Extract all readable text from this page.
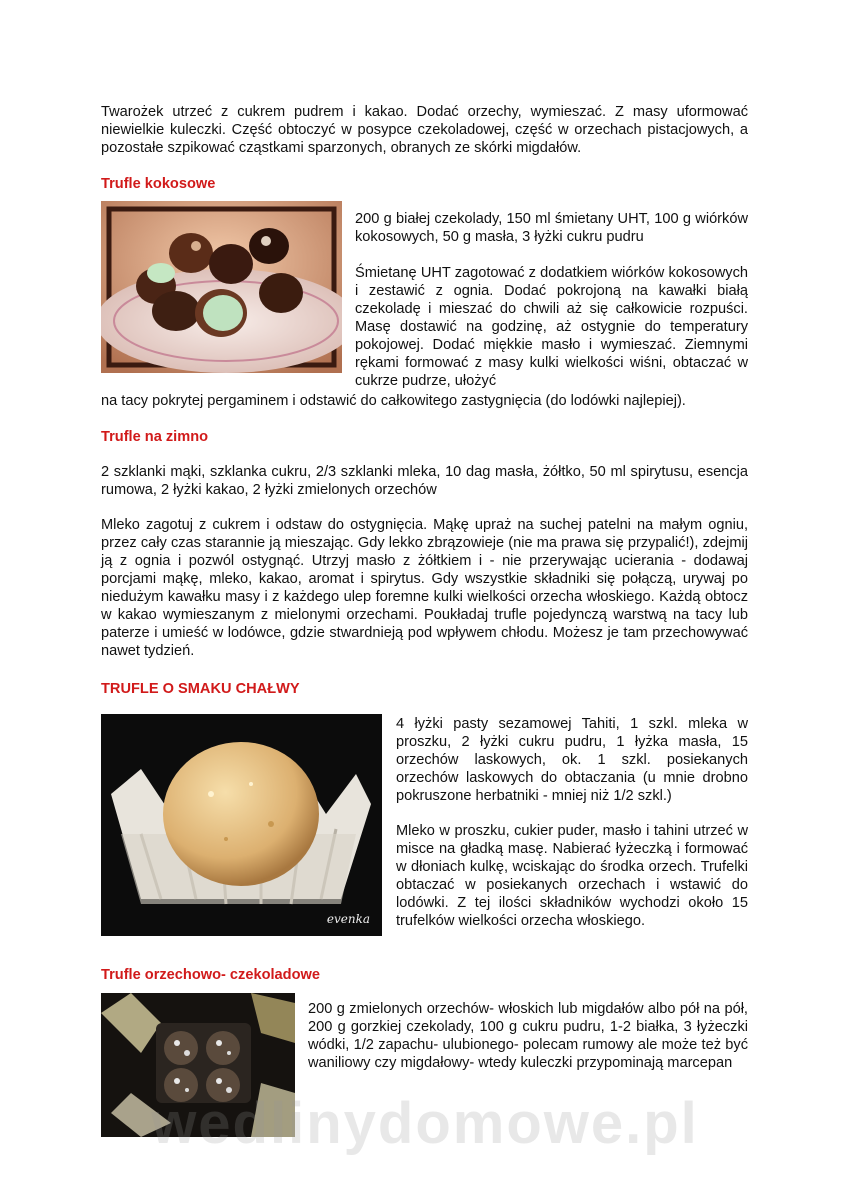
Twarożek utrzeć z cukrem pudrem i kakao. Dodać orzechy, wymieszać. Z masy uformować niewielkie kuleczki. Część obtoczyć w posypce czekoladowej, część w orzechach pistacjowych, a pozostałe szpikować cząstkami sparzonych, obranych ze skórki migdałów.

Trufle kokosowe

200 g białej czekolady, 150 ml śmietany UHT, 100 g wiórków kokosowych, 50 g masła, 3 łyżki cukru pudru

Śmietanę UHT zagotować z dodatkiem wiórków kokosowych i zestawić z ognia. Dodać pokrojoną na kawałki białą czekoladę i mieszać do chwili aż się całkowicie rozpuści. Masę dostawić na godzinę, aż ostygnie do temperatury pokojowej. Dodać miękkie masło i wymieszać. Ziemnymi rękami formować z masy kulki wielkości wiśni, obtaczać w cukrze pudrze, ułożyć

na tacy pokrytej pergaminem i odstawić do całkowitego zastygnięcia (do lodówki najlepiej).

Trufle na zimno

2 szklanki mąki, szklanka cukru, 2/3 szklanki mleka, 10 dag masła, żółtko, 50 ml spirytusu, esencja rumowa, 2 łyżki kakao, 2 łyżki zmielonych orzechów

Mleko zagotuj z cukrem i odstaw do ostygnięcia. Mąkę upraż na suchej patelni na małym ogniu, przez cały czas starannie ją mieszając. Gdy lekko zbrązowieje (nie ma prawa się przypalić!), zdejmij ją z ognia i pozwól ostygnąć. Utrzyj masło z żółtkiem i - nie przerywając ucierania - dodawaj porcjami mąkę, mleko, kakao, aromat i spirytus. Gdy wszystkie składniki się połączą, urywaj po niedużym kawałku masy i z każdego ulep foremne kulki wielkości orzecha włoskiego. Każdą obtocz w kakao wymieszanym z mielonymi orzechami. Poukładaj trufle pojedynczą warstwą na tacy lub paterze i umieść w lodówce, gdzie stwardnieją pod wpływem chłodu. Możesz je tam przechowywać nawet tydzień.

TRUFLE O SMAKU CHAŁWY
evenka

4 łyżki pasty sezamowej Tahiti, 1 szkl. mleka w proszku, 2 łyżki cukru pudru, 1 łyżka masła, 15 orzechów laskowych, ok. 1 szkl. posiekanych orzechów laskowych do obtaczania (u mnie drobno pokruszone herbatniki - mniej niż 1/2 szkl.)

Mleko w proszku, cukier puder, masło i tahini utrzeć w misce na gładką masę. Nabierać łyżeczką i formować w dłoniach kulkę, wciskając do środka orzech. Trufelki obtaczać w posiekanych orzechach i wstawić do lodówki. Z tej ilości składników wychodzi około 15 trufelków wielkości orzecha włoskiego.

Trufle orzechowo- czekoladowe

200 g zmielonych orzechów- włoskich lub migdałów albo pół na pół, 200 g gorzkiej czekolady, 100 g cukru pudru, 1-2 białka, 3 łyżeczki wódki, 1/2 zapachu- ulubionego- polecam rumowy ale może też być waniliowy czy migdałowy- wtedy kuleczki przypominają marcepan

wedlinydomowe.pl
